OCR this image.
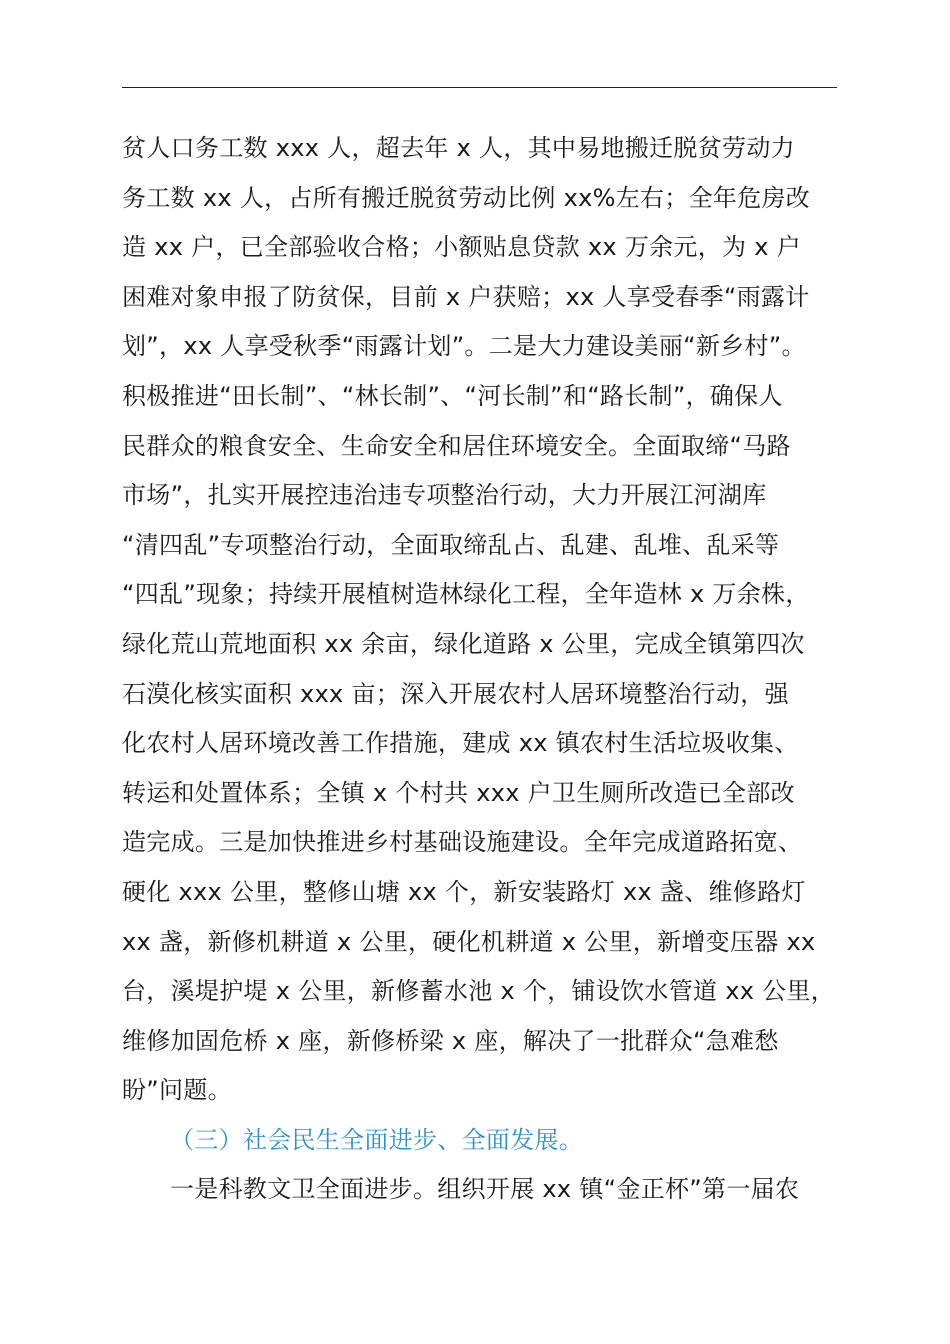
贫人口务工数 xxx 人，超去年 x 人，其中易地搬迁脱贫劳动力
务工数 xx 人，占所有搬迁脱贫劳动比例 xx%左右；全年危房改
造 xx 户，已全部验收合格；小额贴息贷款 xx 万余元，为 x 户
困难对象申报了防贫保，目前 x 户获赔；xx 人享受春季“雨露计
划”，xx 人享受秋季“雨露计划”。二是大力建设美丽“新乡村”。
积极推进“田长制”、“林长制”、“河长制”和“路长制”，确保人
民群众的粮食安全、生命安全和居住环境安全。全面取缔“马路
市场”，扎实开展控违治违专项整治行动，大力开展江河湖库
“清四乱”专项整治行动，全面取缔乱占、乱建、乱堆、乱采等
“四乱”现象；持续开展植树造林绿化工程，全年造林 x 万余株，
绿化荒山荒地面积 xx 余亩，绿化道路 x 公里，完成全镇第四次
石漠化核实面积 xxx 亩；深入开展农村人居环境整治行动，强
化农村人居环境改善工作措施，建成 xx 镇农村生活垃圾收集、
转运和处置体系；全镇 x 个村共 xxx 户卫生厕所改造已全部改
造完成。三是加快推进乡村基础设施建设。全年完成道路拓宽、
硬化 xxx 公里，整修山塘 xx 个，新安装路灯 xx 盏、维修路灯
xx 盏，新修机耕道 x 公里，硬化机耕道 x 公里，新增变压器 xx
台，溪堤护堤 x 公里，新修蓄水池 x 个，铺设饮水管道 xx 公里，
维修加固危桥 x 座，新修桥梁 x 座，解决了一批群众“急难愁
盼”问题。
（三）社会民生全面进步、全面发展。
一是科教文卫全面进步。组织开展 xx 镇“金正杯”第一届农
